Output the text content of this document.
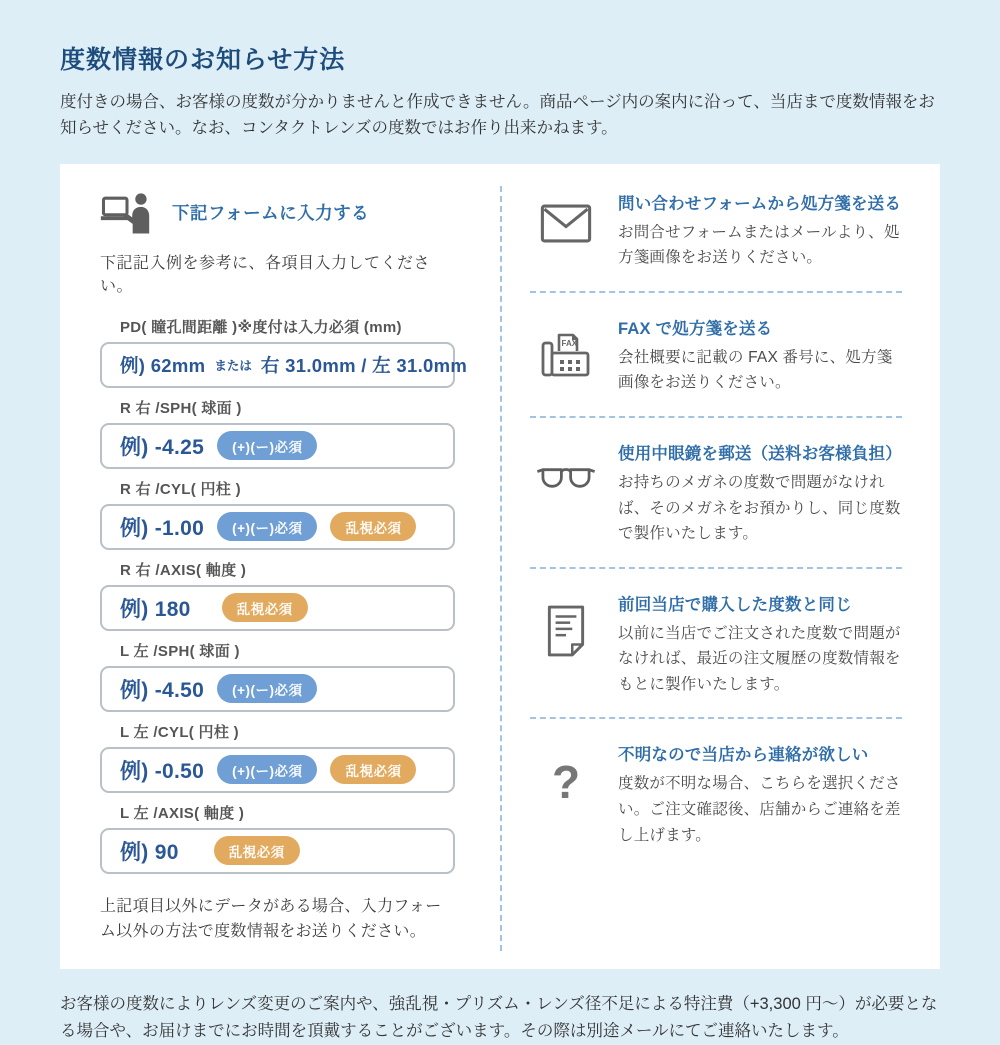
度数情報のお知らせ方法

度付きの場合、お客様の度数が分かりませんと作成できません。商品ページ内の案内に沿って、当店まで度数情報をお知らせください。なお、コンタクトレンズの度数ではお作り出来かねます。

下記フォームに入力する

下記記入例を参考に、各項目入力してください。

PD( 瞳孔間距離 )※度付は入力必須 (mm)
例) 62mm または 右 31.0mm / 左 31.0mm
R 右 /SPH( 球面 )
例) -4.25	(+)(ー)必須
R 右 /CYL( 円柱 )
例) -1.00	(+)(ー)必須	乱視必須
R 右 /AXIS( 軸度 )
例) 180	乱視必須
L 左 /SPH( 球面 )
例) -4.50	(+)(ー)必須
L 左 /CYL( 円柱 )
例) -0.50	(+)(ー)必須	乱視必須
L 左 /AXIS( 軸度 )
例) 90	乱視必須

上記項目以外にデータがある場合、入力フォーム以外の方法で度数情報をお送りください。

問い合わせフォームから処方箋を送る

お問合せフォームまたはメールより、処方箋画像をお送りください。

FAX

FAX で処方箋を送る

会社概要に記載の FAX 番号に、処方箋画像をお送りください。

使用中眼鏡を郵送（送料お客様負担）

お持ちのメガネの度数で問題がなければ、そのメガネをお預かりし、同じ度数で製作いたします。

前回当店で購入した度数と同じ

以前に当店でご注文された度数で問題がなければ、最近の注文履歴の度数情報をもとに製作いたします。

?

不明なので当店から連絡が欲しい

度数が不明な場合、こちらを選択ください。ご注文確認後、店舗からご連絡を差し上げます。

お客様の度数によりレンズ変更のご案内や、強乱視・プリズム・レンズ径不足による特注費（+3,300 円～）が必要となる場合や、お届けまでにお時間を頂戴することがございます。その際は別途メールにてご連絡いたします。
